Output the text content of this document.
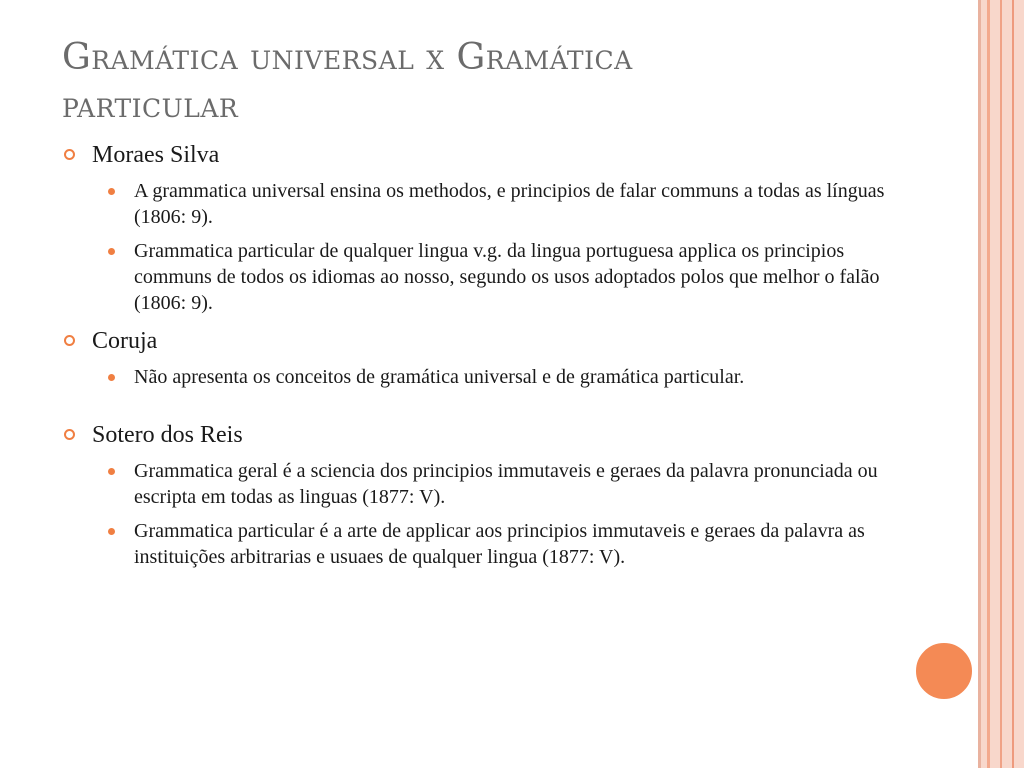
Gramática universal x Gramática particular
Moraes Silva
A grammatica universal ensina os methodos, e principios de falar communs a todas as línguas (1806: 9).
Grammatica particular de qualquer lingua v.g. da lingua portuguesa applica os principios communs de todos os idiomas ao nosso, segundo os usos adoptados polos que melhor o falão (1806: 9).
Coruja
Não apresenta os conceitos de gramática universal e de gramática particular.
Sotero dos Reis
Grammatica geral é a sciencia dos principios immutaveis e geraes da palavra pronunciada ou escripta em todas as linguas (1877: V).
Grammatica particular é a arte de applicar aos principios immutaveis e geraes da palavra as instituições arbitrarias e usuaes de qualquer lingua (1877: V).
